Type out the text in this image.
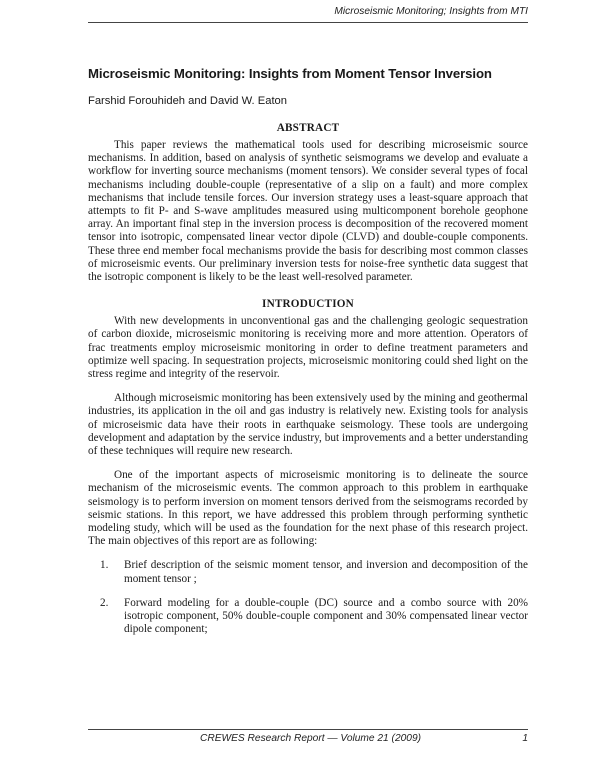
Microseismic Monitoring; Insights from MTI
Microseismic Monitoring: Insights from Moment Tensor Inversion
Farshid Forouhideh and David W. Eaton
ABSTRACT

This paper reviews the mathematical tools used for describing microseismic source mechanisms. In addition, based on analysis of synthetic seismograms we develop and evaluate a workflow for inverting source mechanisms (moment tensors). We consider several types of focal mechanisms including double-couple (representative of a slip on a fault) and more complex mechanisms that include tensile forces. Our inversion strategy uses a least-square approach that attempts to fit P- and S-wave amplitudes measured using multicomponent borehole geophone array. An important final step in the inversion process is decomposition of the recovered moment tensor into isotropic, compensated linear vector dipole (CLVD) and double-couple components. These three end member focal mechanisms provide the basis for describing most common classes of microseismic events. Our preliminary inversion tests for noise-free synthetic data suggest that the isotropic component is likely to be the least well-resolved parameter.

INTRODUCTION

With new developments in unconventional gas and the challenging geologic sequestration of carbon dioxide, microseismic monitoring is receiving more and more attention. Operators of frac treatments employ microseismic monitoring in order to define treatment parameters and optimize well spacing. In sequestration projects, microseismic monitoring could shed light on the stress regime and integrity of the reservoir.

Although microseismic monitoring has been extensively used by the mining and geothermal industries, its application in the oil and gas industry is relatively new. Existing tools for analysis of microseismic data have their roots in earthquake seismology. These tools are undergoing development and adaptation by the service industry, but improvements and a better understanding of these techniques will require new research.

One of the important aspects of microseismic monitoring is to delineate the source mechanism of the microseismic events. The common approach to this problem in earthquake seismology is to perform inversion on moment tensors derived from the seismograms recorded by seismic stations. In this report, we have addressed this problem through performing synthetic modeling study, which will be used as the foundation for the next phase of this research project. The main objectives of this report are as following:

1.	Brief description of the seismic moment tensor, and inversion and decomposition of the moment tensor ;
2.	Forward modeling for a double-couple (DC) source and a combo source with 20% isotropic component, 50% double-couple component and 30% compensated linear vector dipole component;
CREWES Research Report — Volume 21 (2009)	1
